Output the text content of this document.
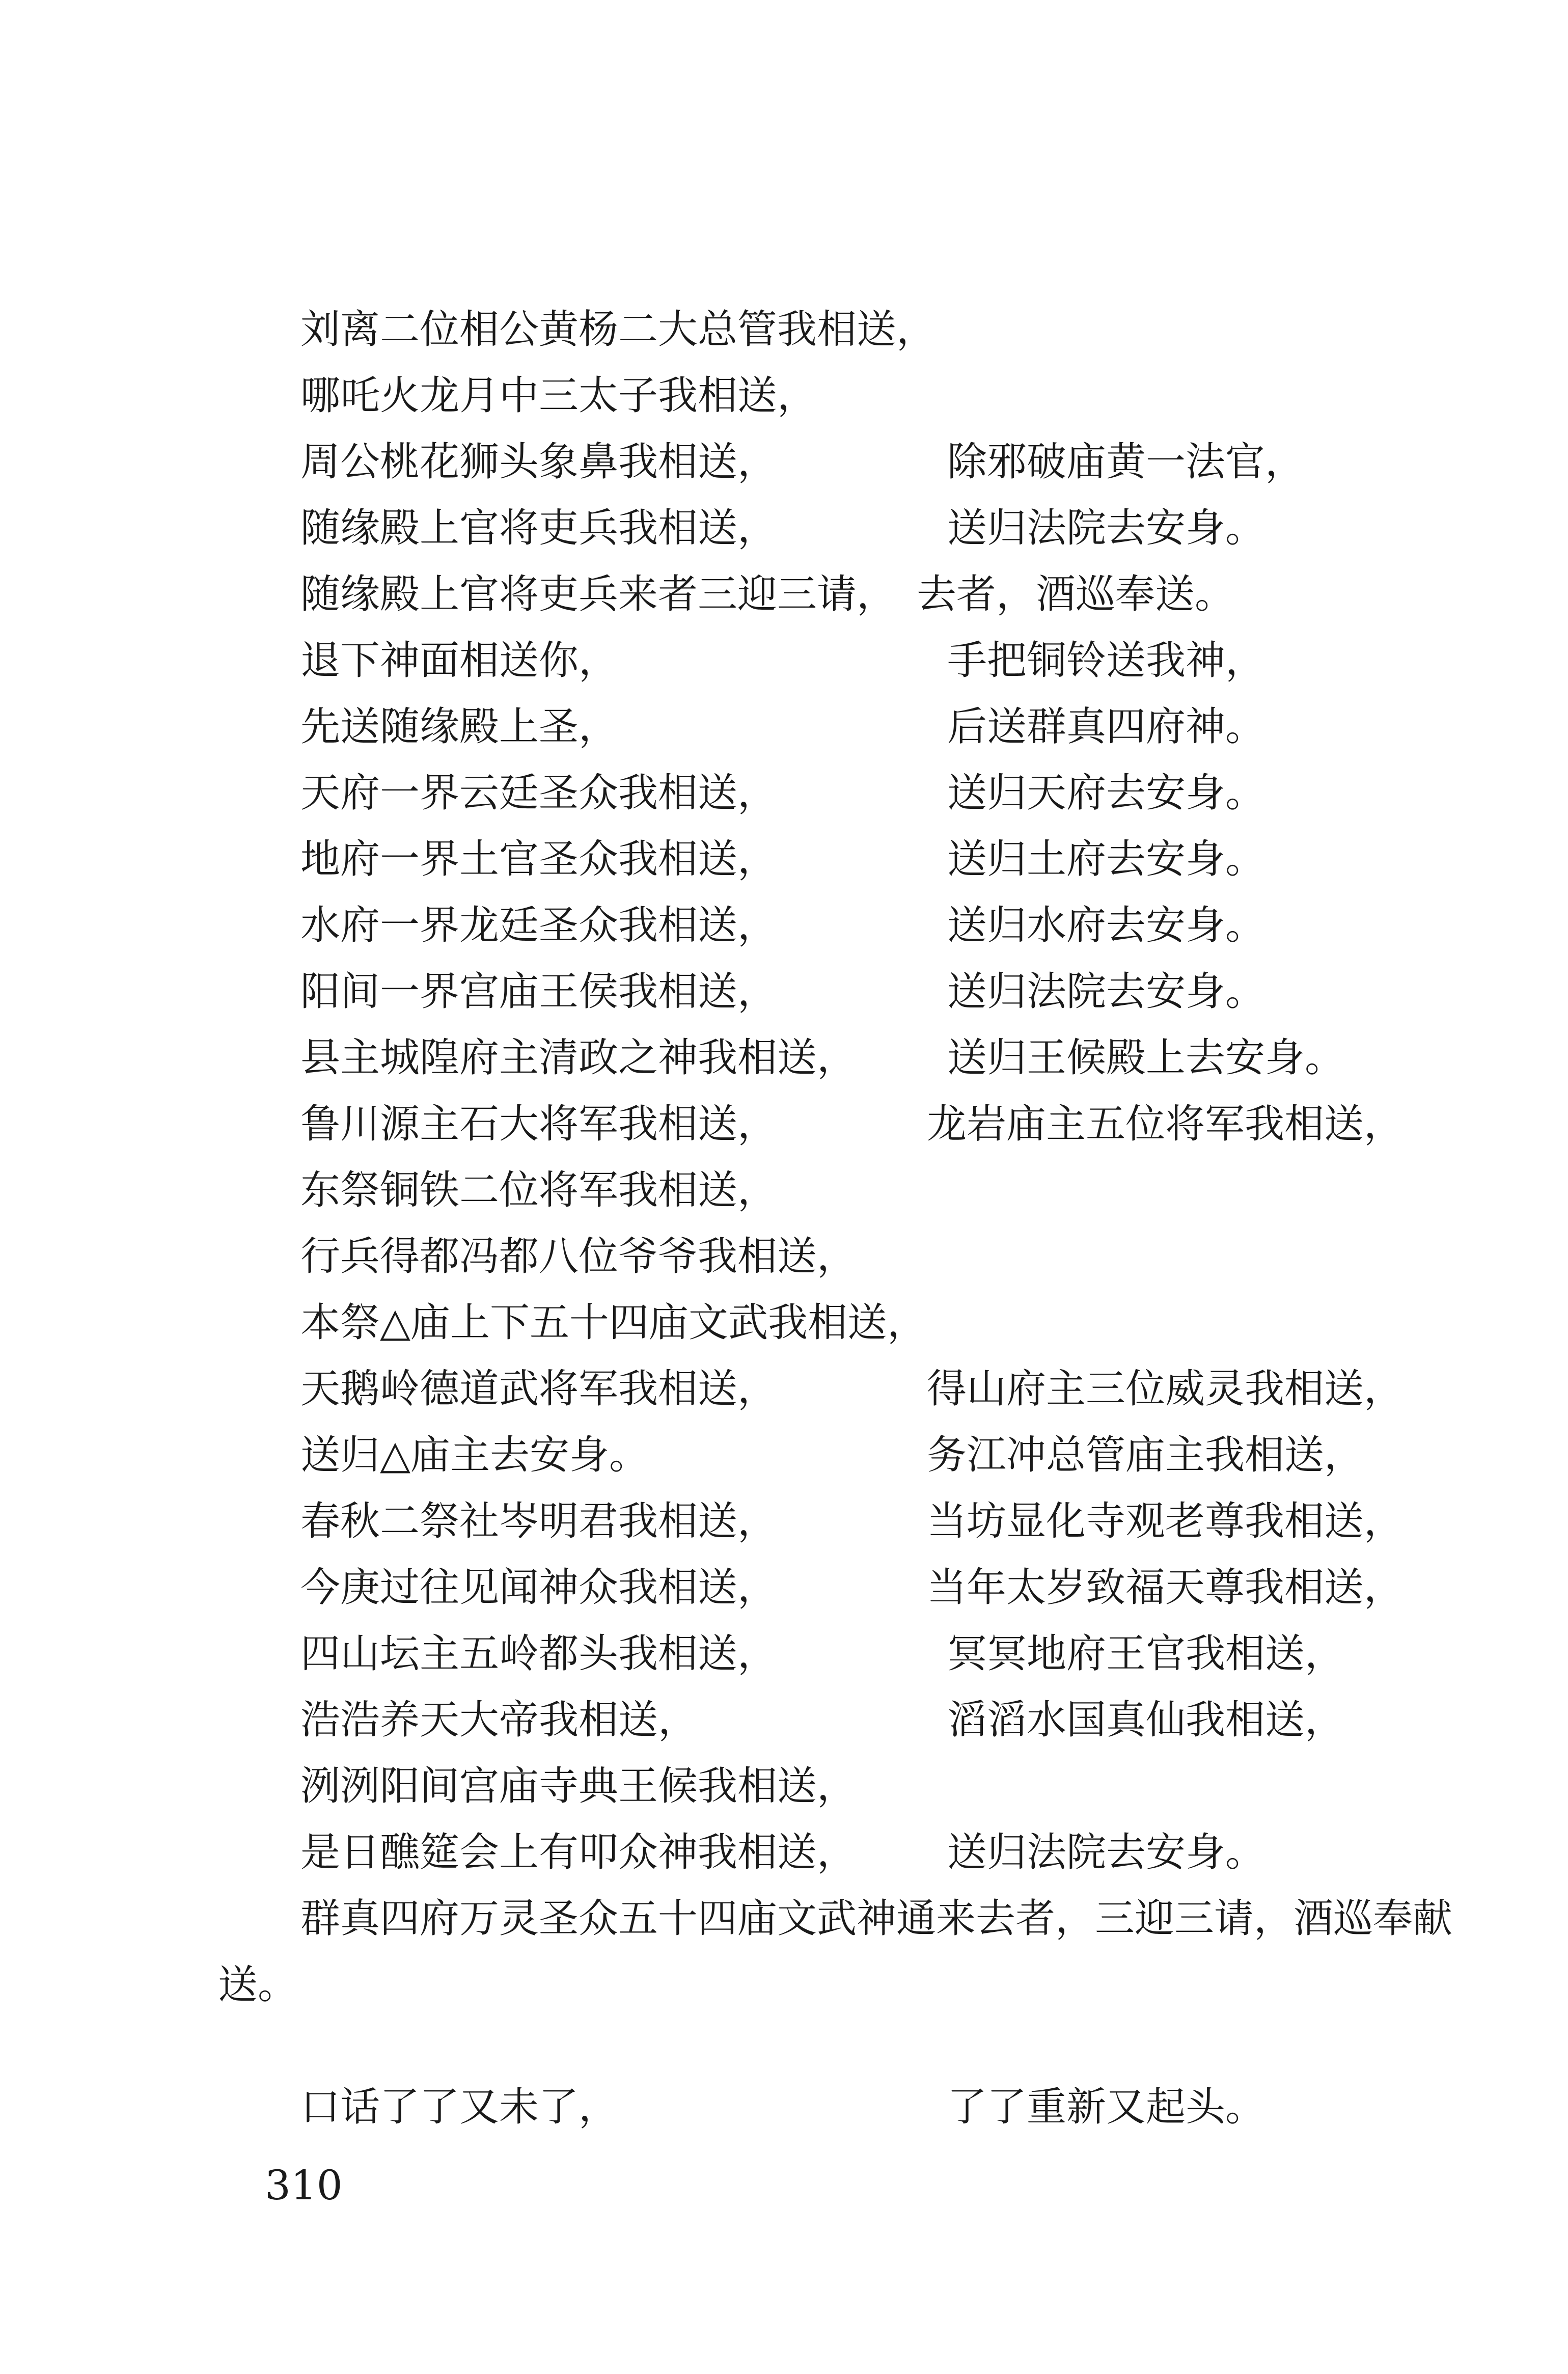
刘离二位相公黄杨二大总管我相送，
哪吒火龙月中三太子我相送，
周公桃花狮头象鼻我相送，	除邪破庙黄一法官，
随缘殿上官将吏兵我相送，	送归法院去安身。
随缘殿上官将吏兵来者三迎三请， 去者，酒巡奉送。
退下神面相送你，	手把铜铃送我神，
先送随缘殿上圣，	后送群真四府神。
天府一界云廷圣众我相送，	送归天府去安身。
地府一界土官圣众我相送，	送归土府去安身。
水府一界龙廷圣众我相送，	送归水府去安身。
阳间一界宫庙王侯我相送，	送归法院去安身。
县主城隍府主清政之神我相送， 送归王候殿上去安身。
鲁川源主石大将军我相送，	龙岩庙主五位将军我相送，
东祭铜铁二位将军我相送，
行兵得都冯都八位爷爷我相送，
本祭△庙上下五十四庙文武我相送，
天鹅岭德道武将军我相送，	得山府主三位威灵我相送，
送归△庙主去安身。	务江冲总管庙主我相送，
春秋二祭社岑明君我相送，	当坊显化寺观老尊我相送，
今庚过往见闻神众我相送，	当年太岁致福天尊我相送，
四山坛主五岭都头我相送，	冥冥地府王官我相送，
浩浩养天大帝我相送，	滔滔水国真仙我相送，
洌洌阳间宫庙寺典王候我相送，
是日醮筵会上有叩众神我相送， 送归法院去安身。
群真四府万灵圣众五十四庙文武神通来去者，三迎三请，酒巡奉献送。
口话了了又未了，	了了重新又起头。
310
